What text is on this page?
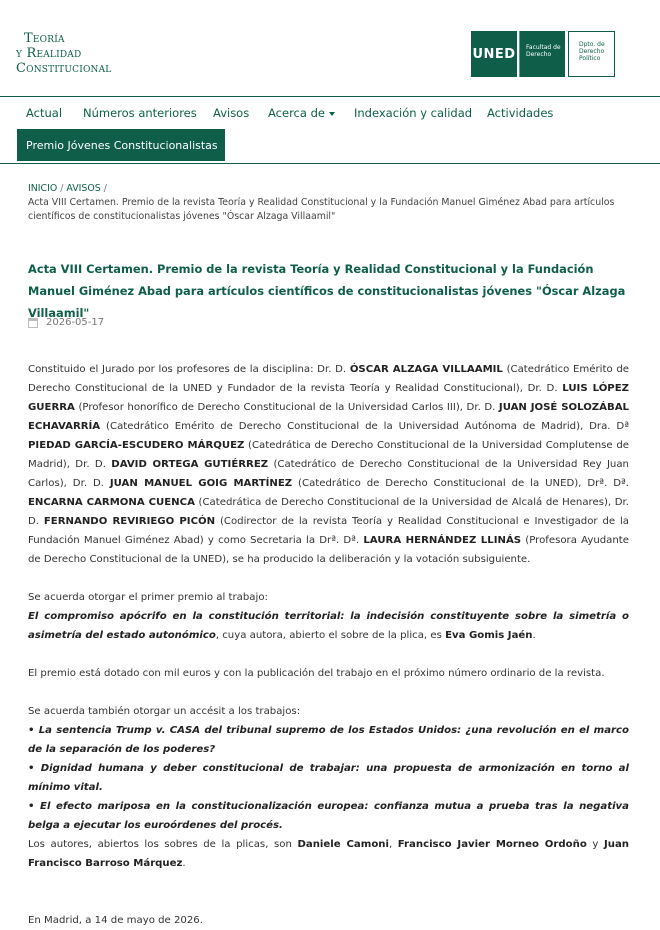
Teoría
y Realidad
Constitucional
UNED	Facultad de Derecho
Dpto. de Derecho Político
Actual Números anteriores Avisos Acerca de	Indexación y calidad Actividades
Premio Jóvenes Constitucionalistas
INICIO / AVISOS /
Acta VIII Certamen. Premio de la revista Teoría y Realidad Constitucional y la Fundación Manuel Giménez Abad para artículos científicos de constitucionalistas jóvenes "Óscar Alzaga Villaamil"
Acta VIII Certamen. Premio de la revista Teoría y Realidad Constitucional y la Fundación Manuel Giménez Abad para artículos científicos de constitucionalistas jóvenes "Óscar Alzaga Villaamil"
2026-05-17

Constituido el Jurado por los profesores de la disciplina: Dr. D. ÓSCAR ALZAGA VILLAAMIL (Catedrático Emérito de Derecho Constitucional de la UNED y Fundador de la revista Teoría y Realidad Constitucional), Dr. D. LUIS LÓPEZ GUERRA (Profesor honorífico de Derecho Constitucional de la Universidad Carlos III), Dr. D. JUAN JOSÉ SOLOZÁBAL ECHAVARRÍA (Catedrático Emérito de Derecho Constitucional de la Universidad Autónoma de Madrid), Dra. Dª PIEDAD GARCÍA-ESCUDERO MÁRQUEZ (Catedrática de Derecho Constitucional de la Universidad Complutense de Madrid), Dr. D. DAVID ORTEGA GUTIÉRREZ (Catedrático de Derecho Constitucional de la Universidad Rey Juan Carlos), Dr. D. JUAN MANUEL GOIG MARTÍNEZ (Catedrático de Derecho Constitucional de la UNED), Drª. Dª. ENCARNA CARMONA CUENCA (Catedrática de Derecho Constitucional de la Universidad de Alcalá de Henares), Dr. D. FERNANDO REVIRIEGO PICÓN (Codirector de la revista Teoría y Realidad Constitucional e Investigador de la Fundación Manuel Giménez Abad) y como Secretaria la Drª. Dª. LAURA HERNÁNDEZ LLINÁS (Profesora Ayudante de Derecho Constitucional de la UNED), se ha producido la deliberación y la votación subsiguiente.

Se acuerda otorgar el primer premio al trabajo:

El compromiso apócrifo en la constitución territorial: la indecisión constituyente sobre la simetría o asimetría del estado autonómico, cuya autora, abierto el sobre de la plica, es Eva Gomis Jaén.

El premio está dotado con mil euros y con la publicación del trabajo en el próximo número ordinario de la revista.

Se acuerda también otorgar un accésit a los trabajos:
• La sentencia Trump v. CASA del tribunal supremo de los Estados Unidos: ¿una revolución en el marco de la separación de los poderes?
• Dignidad humana y deber constitucional de trabajar: una propuesta de armonización en torno al mínimo vital.
• El efecto mariposa en la constitucionalización europea: confianza mutua a prueba tras la negativa belga a ejecutar los euroórdenes del procés.
Los autores, abiertos los sobres de la plicas, son Daniele Camoni, Francisco Javier Morneo Ordoño y Juan Francisco Barroso Márquez.
En Madrid, a 14 de mayo de 2026.
